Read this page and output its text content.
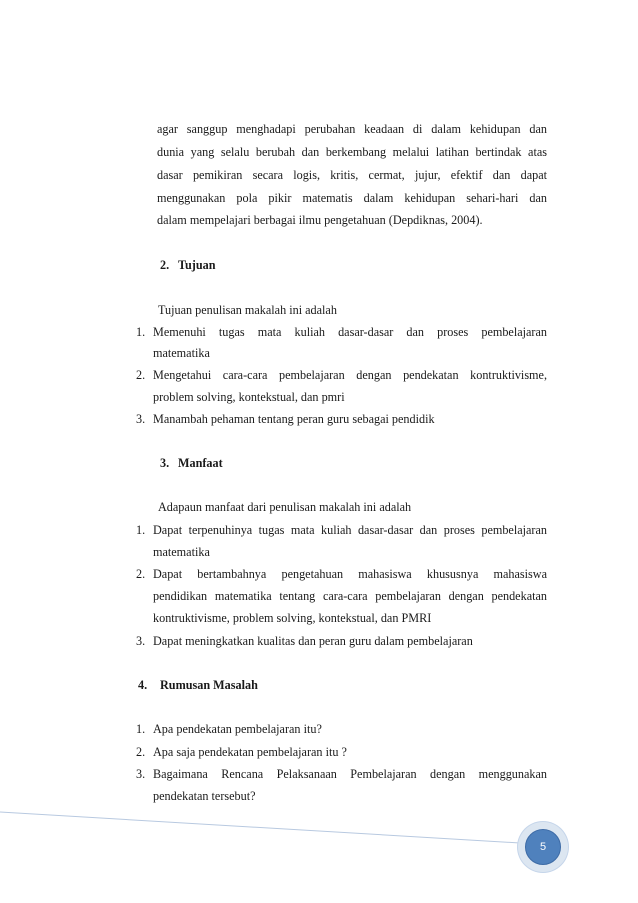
agar sanggup menghadapi perubahan keadaan di dalam kehidupan dan
dunia yang selalu berubah dan berkembang melalui latihan bertindak atas
dasar pemikiran secara logis, kritis, cermat, jujur, efektif dan dapat
menggunakan pola pikir matematis dalam kehidupan sehari-hari dan
dalam mempelajari berbagai ilmu pengetahuan (Depdiknas, 2004).
2. Tujuan
Tujuan penulisan makalah ini adalah
1. Memenuhi tugas mata kuliah dasar-dasar dan proses pembelajaran
matematika
2. Mengetahui cara-cara pembelajaran dengan pendekatan kontruktivisme,
problem solving, kontekstual, dan pmri
3. Manambah pehaman tentang peran guru sebagai pendidik
3. Manfaat
Adapaun manfaat dari penulisan makalah ini adalah
1. Dapat terpenuhinya tugas mata kuliah dasar-dasar dan proses pembelajaran
matematika
2. Dapat bertambahnya pengetahuan mahasiswa khususnya mahasiswa
pendidikan matematika tentang cara-cara pembelajaran dengan pendekatan
kontruktivisme, problem solving, kontekstual, dan PMRI
3. Dapat meningkatkan kualitas dan peran guru dalam pembelajaran
4. Rumusan Masalah
1. Apa pendekatan pembelajaran itu?
2. Apa saja pendekatan pembelajaran itu ?
3. Bagaimana Rencana Pelaksanaan Pembelajaran dengan menggunakan
pendekatan tersebut?
5
